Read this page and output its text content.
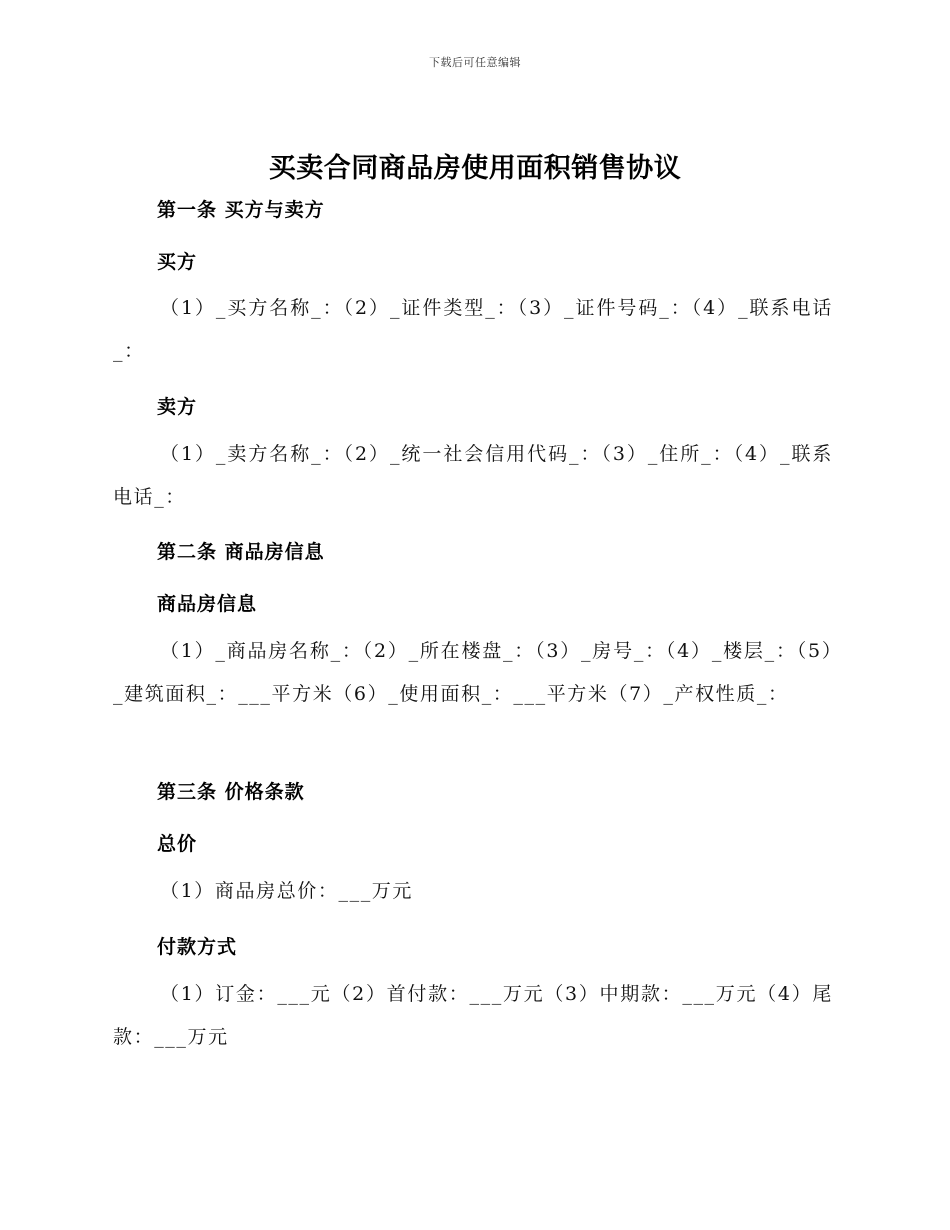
下载后可任意编辑
买卖合同商品房使用面积销售协议
第一条 买方与卖方
买方

（1）_买方名称_：（2）_证件类型_：（3）_证件号码_：（4）_联系电话_：

卖方

（1）_卖方名称_：（2）_统一社会信用代码_：（3）_住所_：（4）_联系电话_：

第二条 商品房信息
商品房信息

（1）_商品房名称_：（2）_所在楼盘_：（3）_房号_：（4）_楼层_：（5）_建筑面积_：___平方米（6）_使用面积_：___平方米（7）_产权性质_：

第三条 价格条款
总价

（1）商品房总价：___万元

付款方式

（1）订金：___元（2）首付款：___万元（3）中期款：___万元（4）尾款：___万元
